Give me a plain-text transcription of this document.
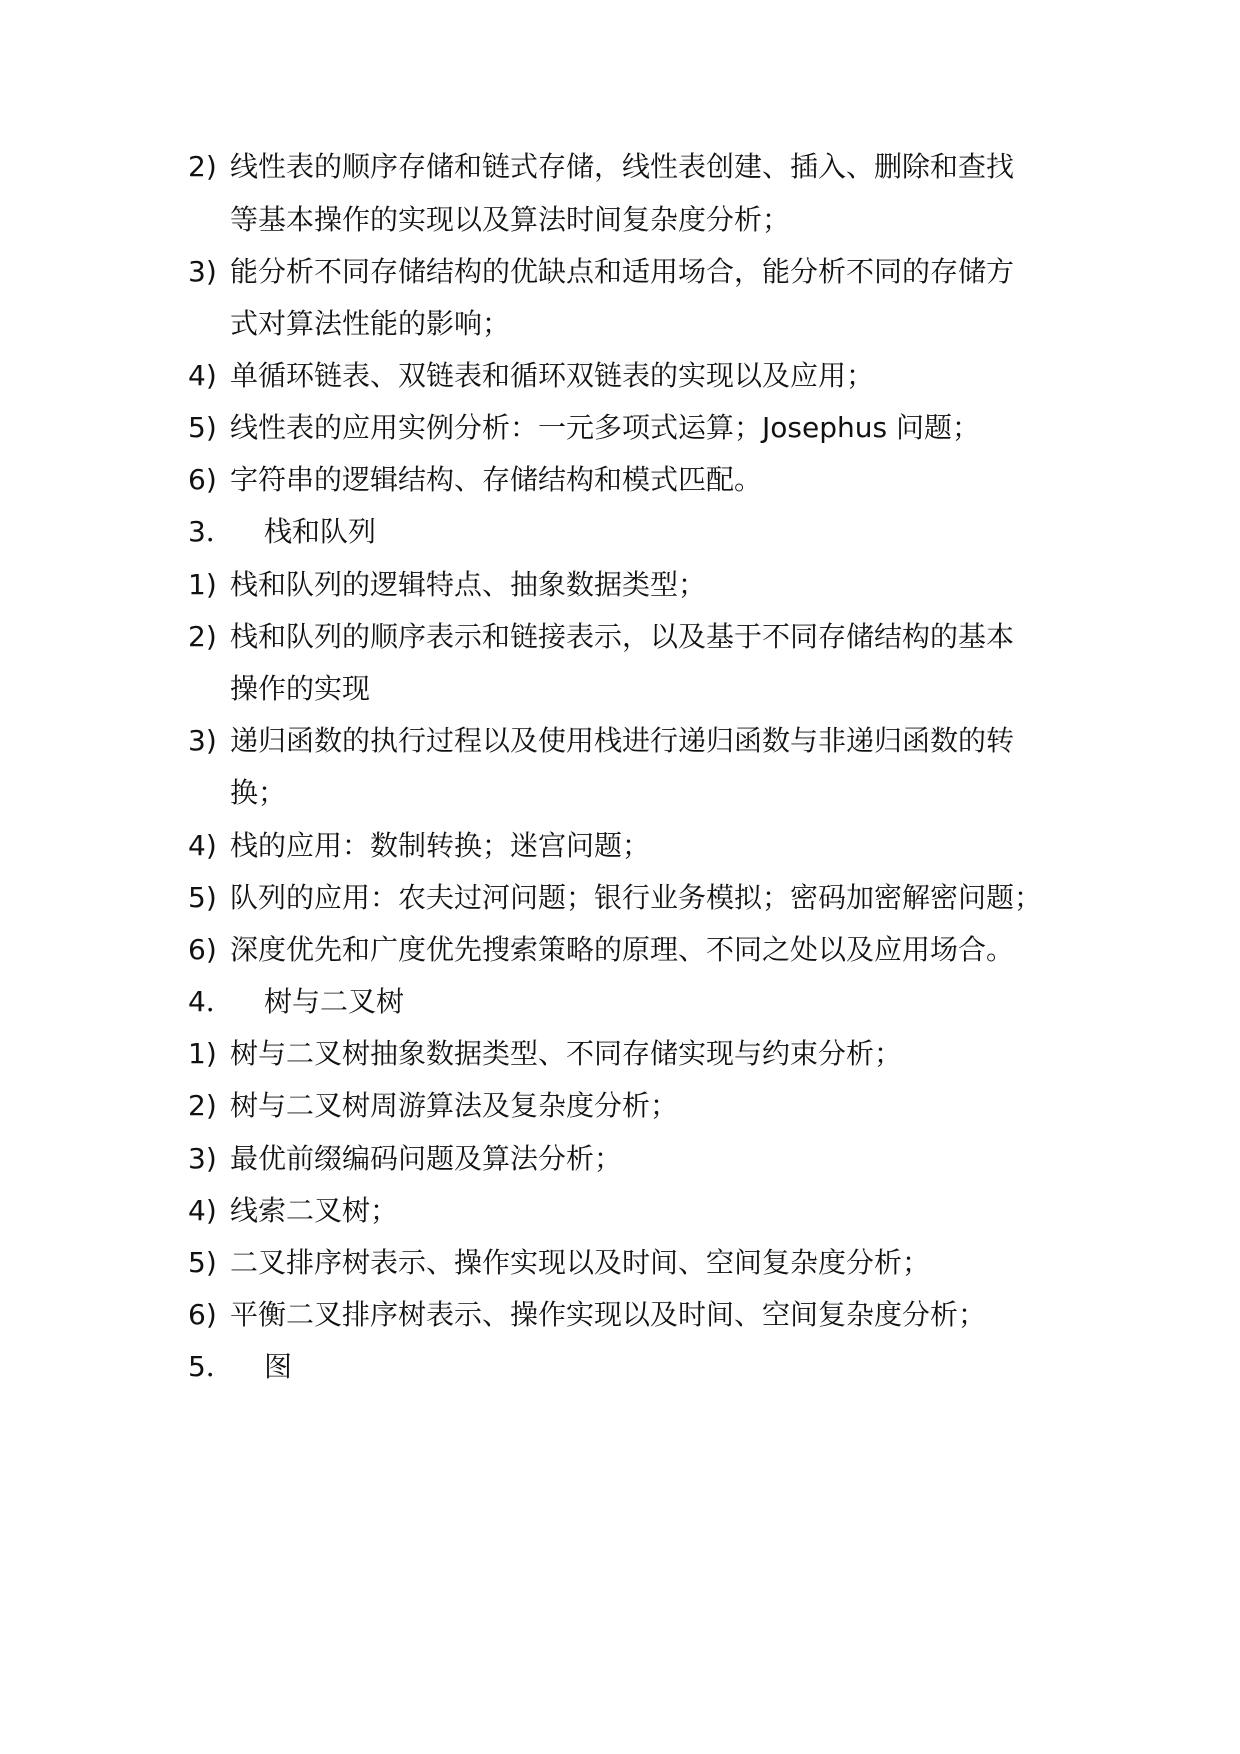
2) 线性表的顺序存储和链式存储，线性表创建、插入、删除和查找
等基本操作的实现以及算法时间复杂度分析；
3) 能分析不同存储结构的优缺点和适用场合，能分析不同的存储方
式对算法性能的影响；
4) 单循环链表、双链表和循环双链表的实现以及应用；
5) 线性表的应用实例分析：一元多项式运算；Josephus 问题；
6) 字符串的逻辑结构、存储结构和模式匹配。
3． 栈和队列
1) 栈和队列的逻辑特点、抽象数据类型；
2) 栈和队列的顺序表示和链接表示，以及基于不同存储结构的基本
操作的实现
3) 递归函数的执行过程以及使用栈进行递归函数与非递归函数的转
换；
4) 栈的应用：数制转换；迷宫问题；
5) 队列的应用：农夫过河问题；银行业务模拟；密码加密解密问题；
6) 深度优先和广度优先搜索策略的原理、不同之处以及应用场合。
4． 树与二叉树
1) 树与二叉树抽象数据类型、不同存储实现与约束分析；
2) 树与二叉树周游算法及复杂度分析；
3) 最优前缀编码问题及算法分析；
4) 线索二叉树；
5) 二叉排序树表示、操作实现以及时间、空间复杂度分析；
6) 平衡二叉排序树表示、操作实现以及时间、空间复杂度分析；
5． 图
